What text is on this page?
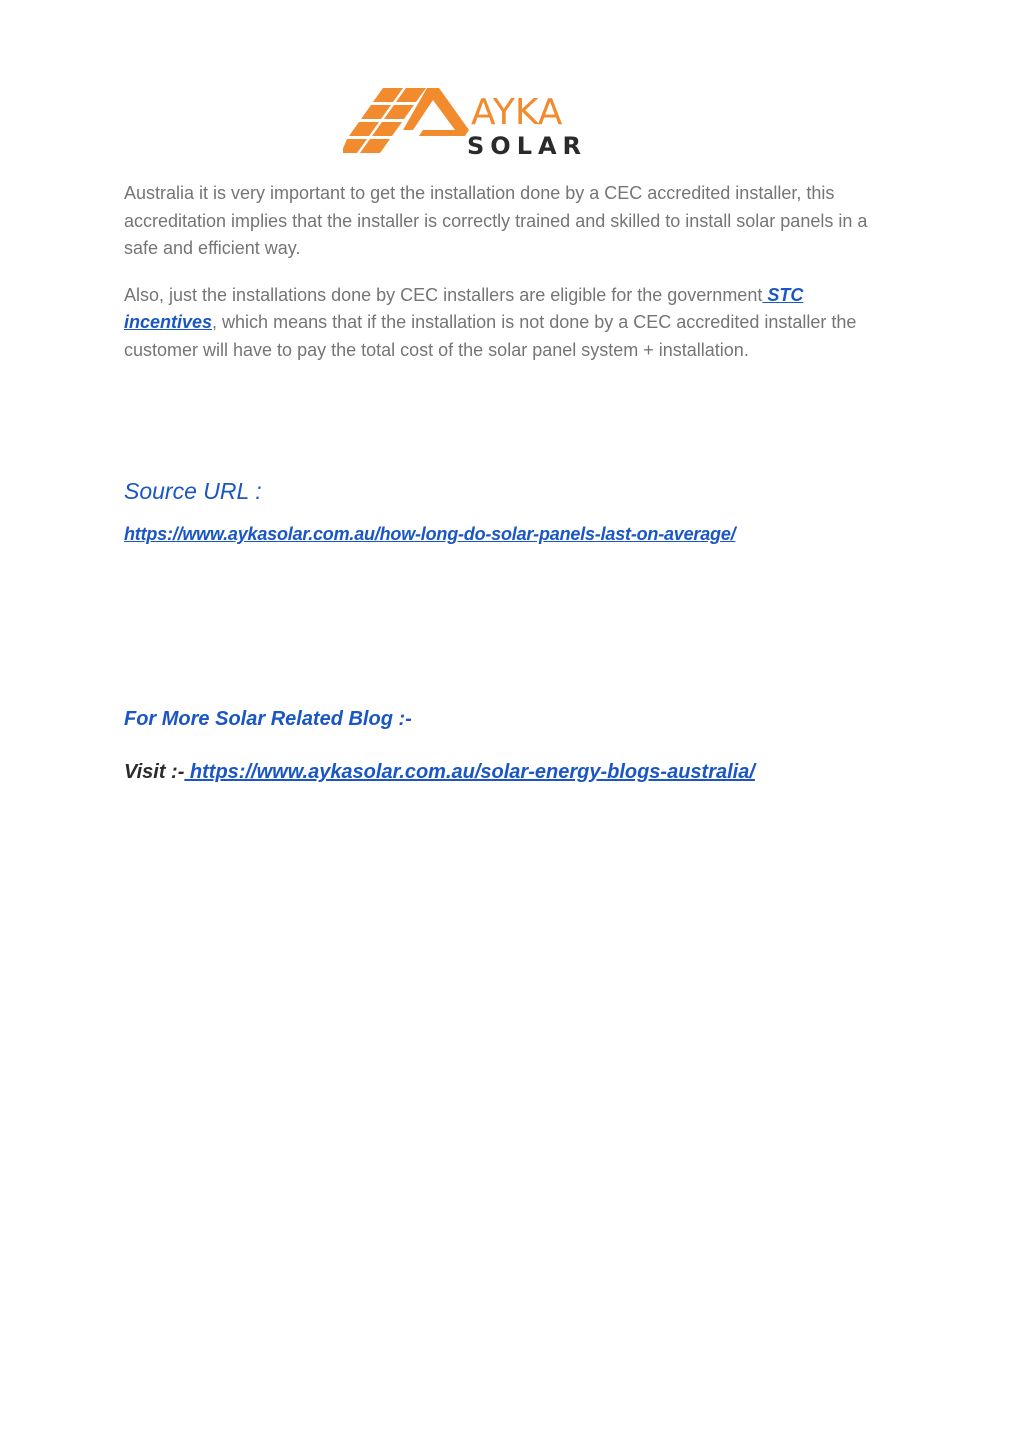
AYKA
SOLAR

Australia it is very important to get the installation done by a CEC accredited installer, this accreditation implies that the installer is correctly trained and skilled to install solar panels in a safe and efficient way.

Also, just the installations done by CEC installers are eligible for the government STC incentives, which means that if the installation is not done by a CEC accredited installer the customer will have to pay the total cost of the solar panel system + installation.

Source URL :
https://www.aykasolar.com.au/how-long-do-solar-panels-last-on-average/
For More Solar Related Blog :-

Visit :- https://www.aykasolar.com.au/solar-energy-blogs-australia/
